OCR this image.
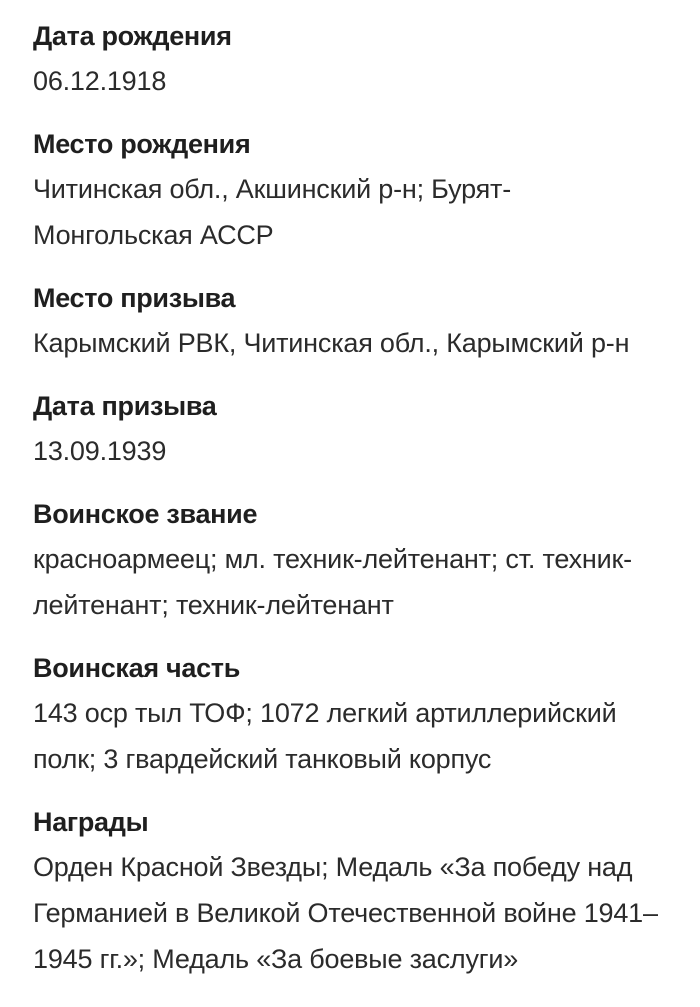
Дата рождения
06.12.1918
Место рождения
Читинская обл., Акшинский р-н; Бурят-
Монгольская АССР
Место призыва
Карымский РВК, Читинская обл., Карымский р-н
Дата призыва
13.09.1939
Воинское звание
красноармеец; мл. техник-лейтенант; ст. техник-
лейтенант; техник-лейтенант
Воинская часть
143 оср тыл ТОФ; 1072 легкий артиллерийский
полк; 3 гвардейский танковый корпус
Награды
Орден Красной Звезды; Медаль «За победу над
Германией в Великой Отечественной войне 1941–
1945 гг.»; Медаль «За боевые заслуги»
